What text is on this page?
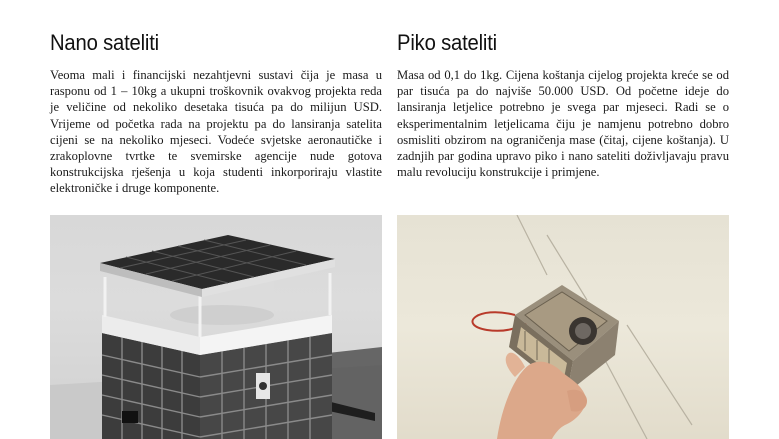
Nano sateliti

Veoma mali i financijski nezahtjevni sustavi čija je masa u rasponu od 1 – 10kg a ukupni troškovnik ovakvog projekta reda je veličine od nekoliko desetaka tisuća pa do milijun USD. Vrijeme od početka rada na projektu pa do lansiranja satelita cijeni se na nekoliko mjeseci. Vodeće svjetske aeronautičke i zrakoplovne tvrtke te svemirske agencije nude gotova konstrukcijska rješenja u koja studenti inkorporiraju vlastite elektroničke i druge komponente.

Piko sateliti

Masa od 0,1 do 1kg. Cijena koštanja cijelog projekta kreće se od par tisuća pa do najviše 50.000 USD. Od početne ideje do lansiranja letjelice potrebno je svega par mjeseci. Radi se o eksperimentalnim letjelicama čiju je namjenu potrebno dobro osmisliti obzirom na ograničenja mase (čitaj, cijene koštanja). U zadnjih par godina upravo piko i nano sateliti doživljavaju pravu malu revoluciju konstrukcije i primjene.
